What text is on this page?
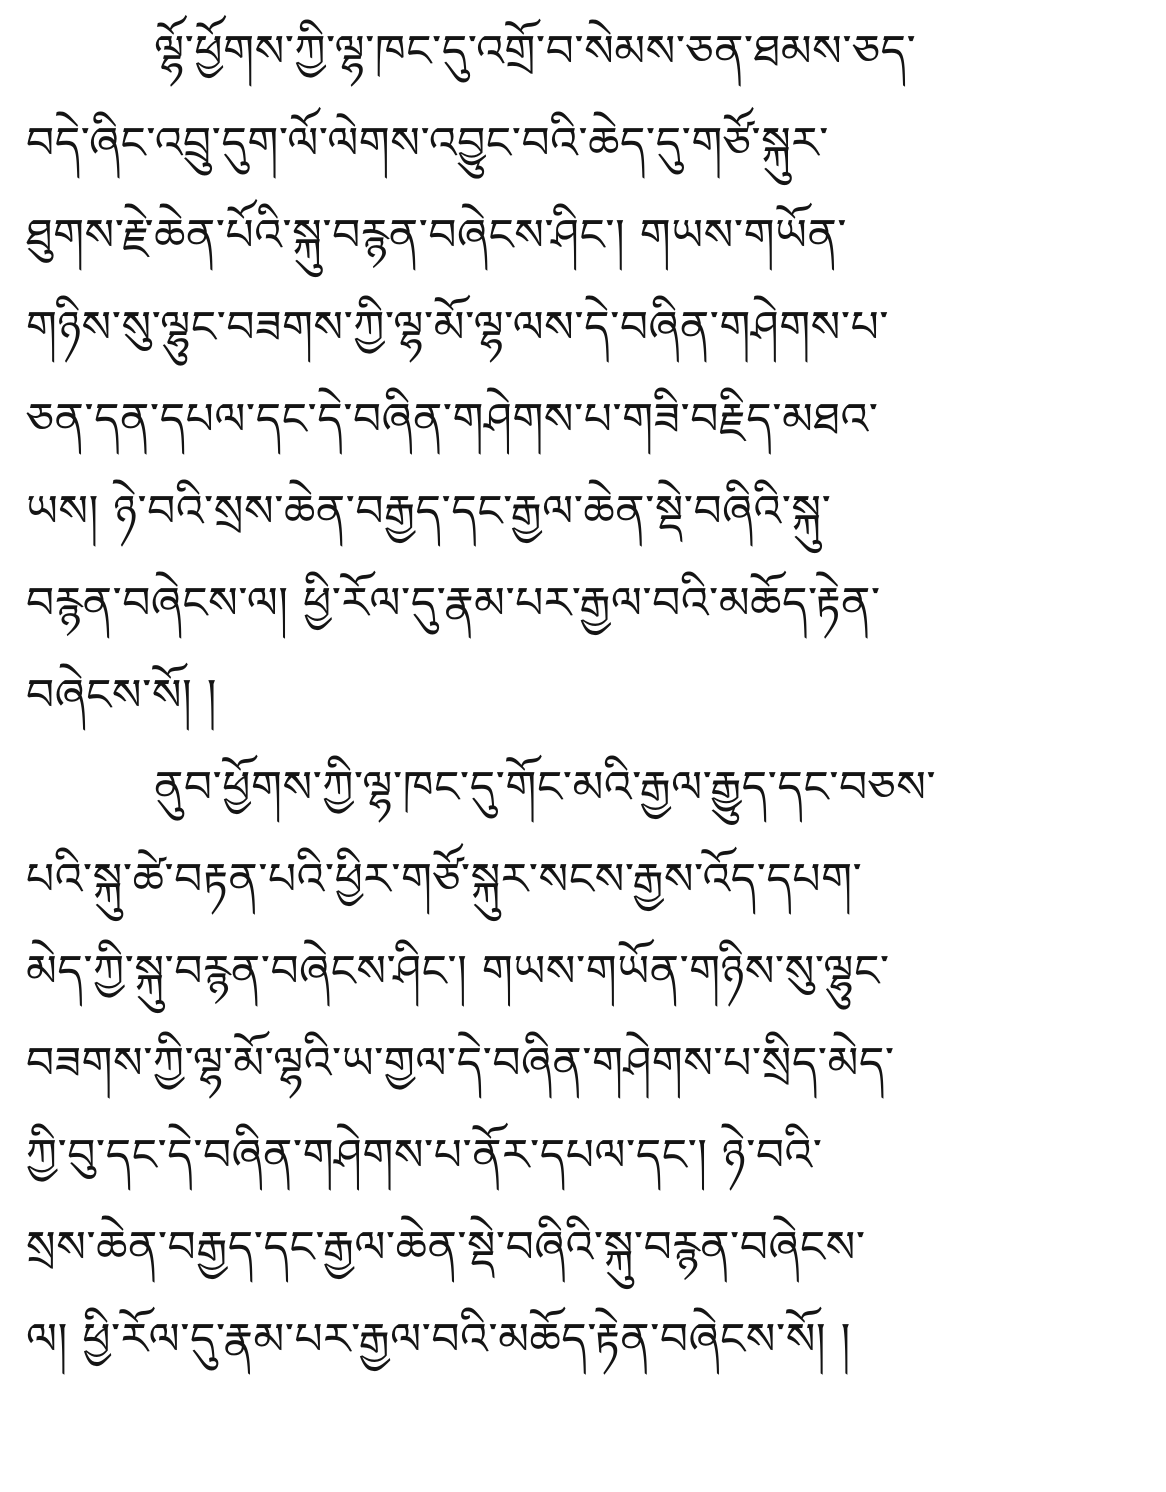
ལྷོ་ཕྱོགས་ཀྱི་ལྷ་ཁང་དུ་འགྲོ་བ་སེམས་ཅན་ཐམས་ཅད་
བདེ་ཞིང་འབྲུ་དུག་ལོ་ལེགས་འབྱུང་བའི་ཆེད་དུ་གཙོ་སྐུར་
ཐུགས་རྗེ་ཆེན་པོའི་སྐུ་བརྙན་བཞེངས་ཤིང་། གཡས་གཡོན་
གཉིས་སུ་ལྷུང་བཟགས་ཀྱི་ལྷ་མོ་ལྷ་ལས་དེ་བཞིན་གཤེགས་པ་
ཅན་དན་དཔལ་དང་དེ་བཞིན་གཤེགས་པ་གཟི་བརྗིད་མཐའ་
ཡས། ཉེ་བའི་སྲས་ཆེན་བརྒྱད་དང་རྒྱལ་ཆེན་སྡེ་བཞིའི་སྐུ་
བརྙན་བཞེངས་ལ། ཕྱི་རོལ་དུ་རྣམ་པར་རྒྱལ་བའི་མཆོད་རྟེན་
བཞེངས་སོ། །
ནུབ་ཕྱོགས་ཀྱི་ལྷ་ཁང་དུ་གོང་མའི་རྒྱལ་རྒྱུད་དང་བཅས་
པའི་སྐུ་ཚེ་བརྟན་པའི་ཕྱིར་གཙོ་སྐུར་སངས་རྒྱས་འོད་དཔག་
མེད་ཀྱི་སྐུ་བརྙན་བཞེངས་ཤིང་། གཡས་གཡོན་གཉིས་སུ་ལྷུང་
བཟགས་ཀྱི་ལྷ་མོ་ལྷའི་ཡ་གྱལ་དེ་བཞིན་གཤེགས་པ་སྲིད་མེད་
ཀྱི་བུ་དང་དེ་བཞིན་གཤེགས་པ་ནོར་དཔལ་དང་། ཉེ་བའི་
སྲས་ཆེན་བརྒྱད་དང་རྒྱལ་ཆེན་སྡེ་བཞིའི་སྐུ་བརྙན་བཞེངས་
ལ། ཕྱི་རོལ་དུ་རྣམ་པར་རྒྱལ་བའི་མཆོད་རྟེན་བཞེངས་སོ། །
